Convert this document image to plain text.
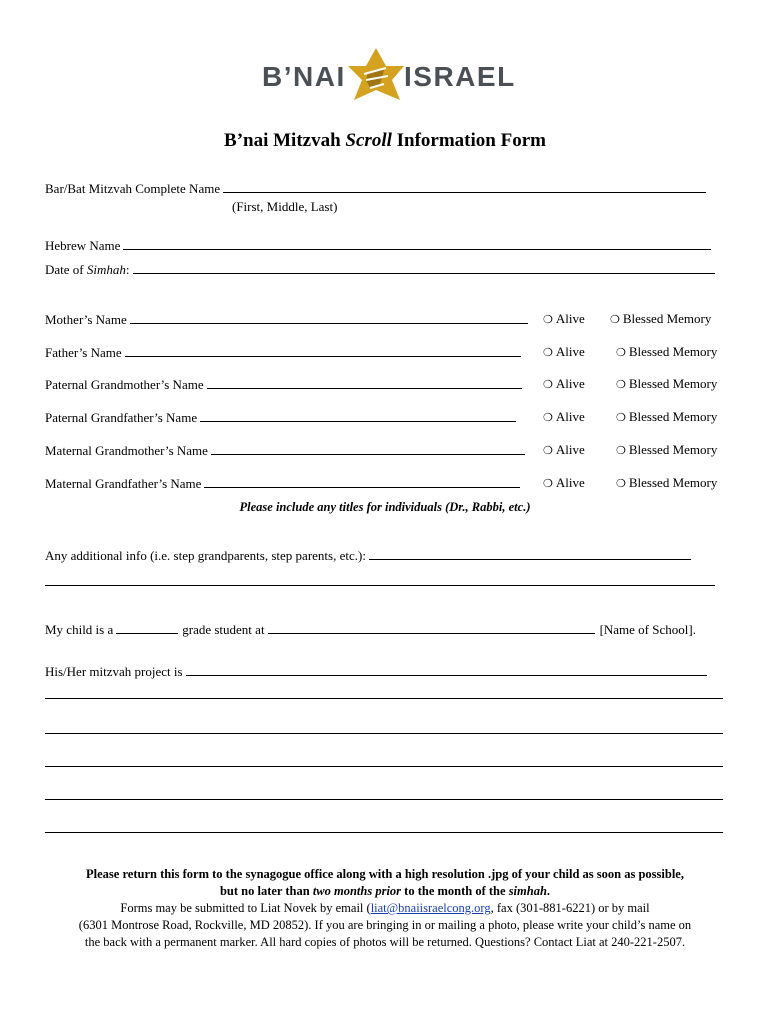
B’NAI ISRAEL
B’nai Mitzvah Scroll Information Form
Bar/Bat Mitzvah Complete Name
(First, Middle, Last)
Hebrew Name
Date of Simhah:
Mother’s Name	❍ Alive ❍ Blessed Memory
Father’s Name	❍ Alive	❍ Blessed Memory
Paternal Grandmother’s Name	❍ Alive	❍ Blessed Memory
Paternal Grandfather’s Name	❍ Alive	❍ Blessed Memory
Maternal Grandmother’s Name	❍ Alive	❍ Blessed Memory
Maternal Grandfather’s Name	❍ Alive	❍ Blessed Memory
Please include any titles for individuals (Dr., Rabbi, etc.)
Any additional info (i.e. step grandparents, step parents, etc.):
My child is a	grade student at	[Name of School].
His/Her mitzvah project is
Please return this form to the synagogue office along with a high resolution .jpg of your child as soon as possible,
but no later than two months prior to the month of the simhah.
Forms may be submitted to Liat Novek by email (liat@bnaiisraelcong.org, fax (301-881-6221) or by mail
(6301 Montrose Road, Rockville, MD 20852). If you are bringing in or mailing a photo, please write your child’s name on
the back with a permanent marker. All hard copies of photos will be returned. Questions? Contact Liat at 240-221-2507.
